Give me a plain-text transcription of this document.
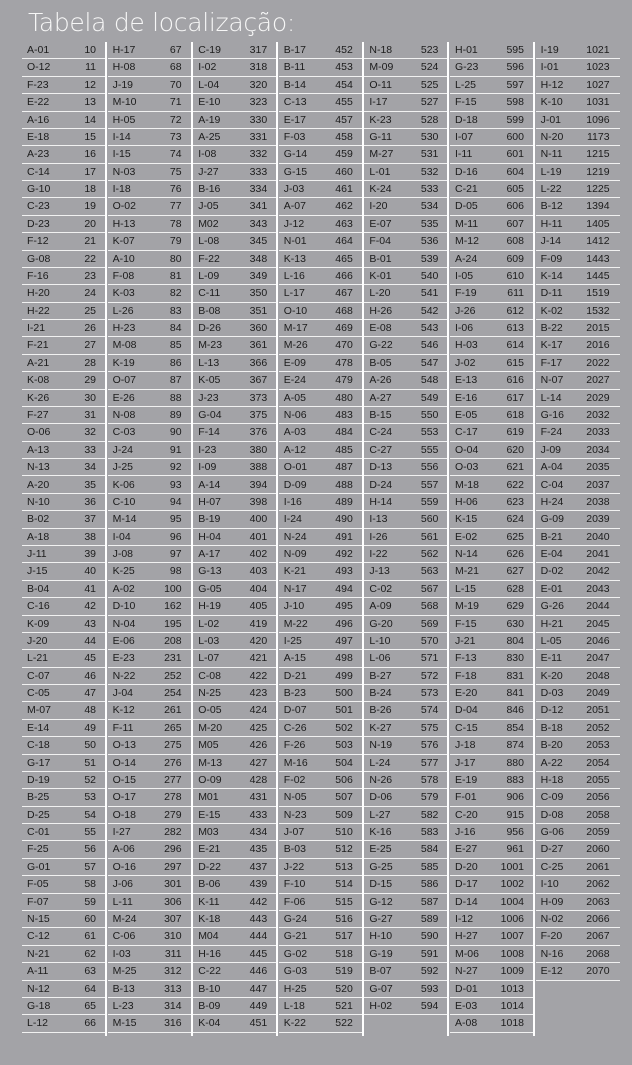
Tabela de localização:
A-01	10
O-12	11
F-23	12
E-22	13
A-16	14
E-18	15
A-23	16
C-14	17
G-10	18
C-23	19
D-23	20
F-12	21
G-08	22
F-16	23
H-20	24
H-22	25
I-21	26
F-21	27
A-21	28
K-08	29
K-26	30
F-27	31
O-06	32
A-13	33
N-13	34
A-20	35
N-10	36
B-02	37
A-18	38
J-11	39
J-15	40
B-04	41
C-16	42
K-09	43
J-20	44
L-21	45
C-07	46
C-05	47
M-07	48
E-14	49
C-18	50
G-17	51
D-19	52
B-25	53
D-25	54
C-01	55
F-25	56
G-01	57
F-05	58
F-07	59
N-15	60
C-12	61
N-21	62
A-11	63
N-12	64
G-18	65
L-12	66
H-17	67
H-08	68
J-19	70
M-10	71
H-05	72
I-14	73
I-15	74
N-03	75
I-18	76
O-02	77
H-13	78
K-07	79
A-10	80
F-08	81
K-03	82
L-26	83
H-23	84
M-08	85
K-19	86
O-07	87
E-26	88
N-08	89
C-03	90
J-24	91
J-25	92
K-06	93
C-10	94
M-14	95
I-04	96
J-08	97
K-25	98
A-02	100
D-10	162
N-04	195
E-06	208
E-23	231
N-22	252
J-04	254
K-12	261
F-11	265
O-13	275
O-14	276
O-15	277
O-17	278
O-18	279
I-27	282
A-06	296
O-16	297
J-06	301
L-11	306
M-24	307
C-06	310
I-03	311
M-25	312
B-13	313
L-23	314
M-15	316
C-19	317
I-02	318
L-04	320
E-10	323
A-19	330
A-25	331
I-08	332
J-27	333
B-16	334
J-05	341
M02	343
L-08	345
F-22	348
L-09	349
C-11	350
B-08	351
D-26	360
M-23	361
L-13	366
K-05	367
J-23	373
G-04	375
F-14	376
I-23	380
I-09	388
A-14	394
H-07	398
B-19	400
H-04	401
A-17	402
G-13	403
G-05	404
H-19	405
L-02	419
L-03	420
L-07	421
C-08	422
N-25	423
O-05	424
M-20	425
M05	426
M-13	427
O-09	428
M01	431
E-15	433
M03	434
E-21	435
D-22	437
B-06	439
K-11	442
K-18	443
M04	444
H-16	445
C-22	446
B-10	447
B-09	449
K-04	451
B-17	452
B-11	453
B-14	454
C-13	455
E-17	457
F-03	458
G-14	459
G-15	460
J-03	461
A-07	462
J-12	463
N-01	464
K-13	465
L-16	466
L-17	467
O-10	468
M-17	469
M-26	470
E-09	478
E-24	479
A-05	480
N-06	483
A-03	484
A-12	485
O-01	487
D-09	488
I-16	489
I-24	490
N-24	491
N-09	492
K-21	493
N-17	494
J-10	495
M-22	496
I-25	497
A-15	498
D-21	499
B-23	500
D-07	501
C-26	502
F-26	503
M-16	504
F-02	506
N-05	507
N-23	509
J-07	510
B-03	512
J-22	513
F-10	514
F-06	515
G-24	516
G-21	517
G-02	518
G-03	519
H-25	520
L-18	521
K-22	522
N-18	523
M-09	524
O-11	525
I-17	527
K-23	528
G-11	530
M-27	531
L-01	532
K-24	533
I-20	534
E-07	535
F-04	536
B-01	539
K-01	540
L-20	541
H-26	542
E-08	543
G-22	546
B-05	547
A-26	548
A-27	549
B-15	550
C-24	553
C-27	555
D-13	556
D-24	557
H-14	559
I-13	560
I-26	561
I-22	562
J-13	563
C-02	567
A-09	568
G-20	569
L-10	570
L-06	571
B-27	572
B-24	573
B-26	574
K-27	575
N-19	576
L-24	577
N-26	578
D-06	579
L-27	582
K-16	583
E-25	584
G-25	585
D-15	586
G-12	587
G-27	589
H-10	590
G-19	591
B-07	592
G-07	593
H-02	594
H-01	595
G-23	596
L-25	597
F-15	598
D-18	599
I-07	600
I-11	601
D-16	604
C-21	605
D-05	606
M-11	607
M-12	608
A-24	609
I-05	610
F-19	611
J-26	612
I-06	613
H-03	614
J-02	615
E-13	616
E-16	617
E-05	618
C-17	619
O-04	620
O-03	621
M-18	622
H-06	623
K-15	624
E-02	625
N-14	626
M-21	627
L-15	628
M-19	629
F-15	630
J-21	804
F-13	830
F-18	831
E-20	841
D-04	846
C-15	854
J-18	874
J-17	880
E-19	883
F-01	906
C-20	915
J-16	956
E-27	961
D-20 1001
D-17 1002
D-14 1004
I-12	1006
H-27 1007
M-06 1008
N-27 1009
D-01 1013
E-03 1014
A-08 1018
I-19	1021
I-01	1023
H-12 1027
K-10 1031
J-01 1096
N-20 1173
N-11 1215
L-19 1219
L-22 1225
B-12 1394
H-11 1405
J-14 1412
F-09 1443
K-14 1445
D-11 1519
K-02 1532
B-22 2015
K-17 2016
F-17 2022
N-07 2027
L-14 2029
G-16 2032
F-24 2033
J-09 2034
A-04 2035
C-04 2037
H-24 2038
G-09 2039
B-21 2040
E-04 2041
D-02 2042
E-01 2043
G-26 2044
H-21 2045
L-05 2046
E-11 2047
K-20 2048
D-03 2049
D-12 2051
B-18 2052
B-20 2053
A-22 2054
H-18 2055
C-09 2056
D-08 2058
G-06 2059
D-27 2060
C-25 2061
I-10	2062
H-09 2063
N-02 2066
F-20 2067
N-16 2068
E-12 2070
